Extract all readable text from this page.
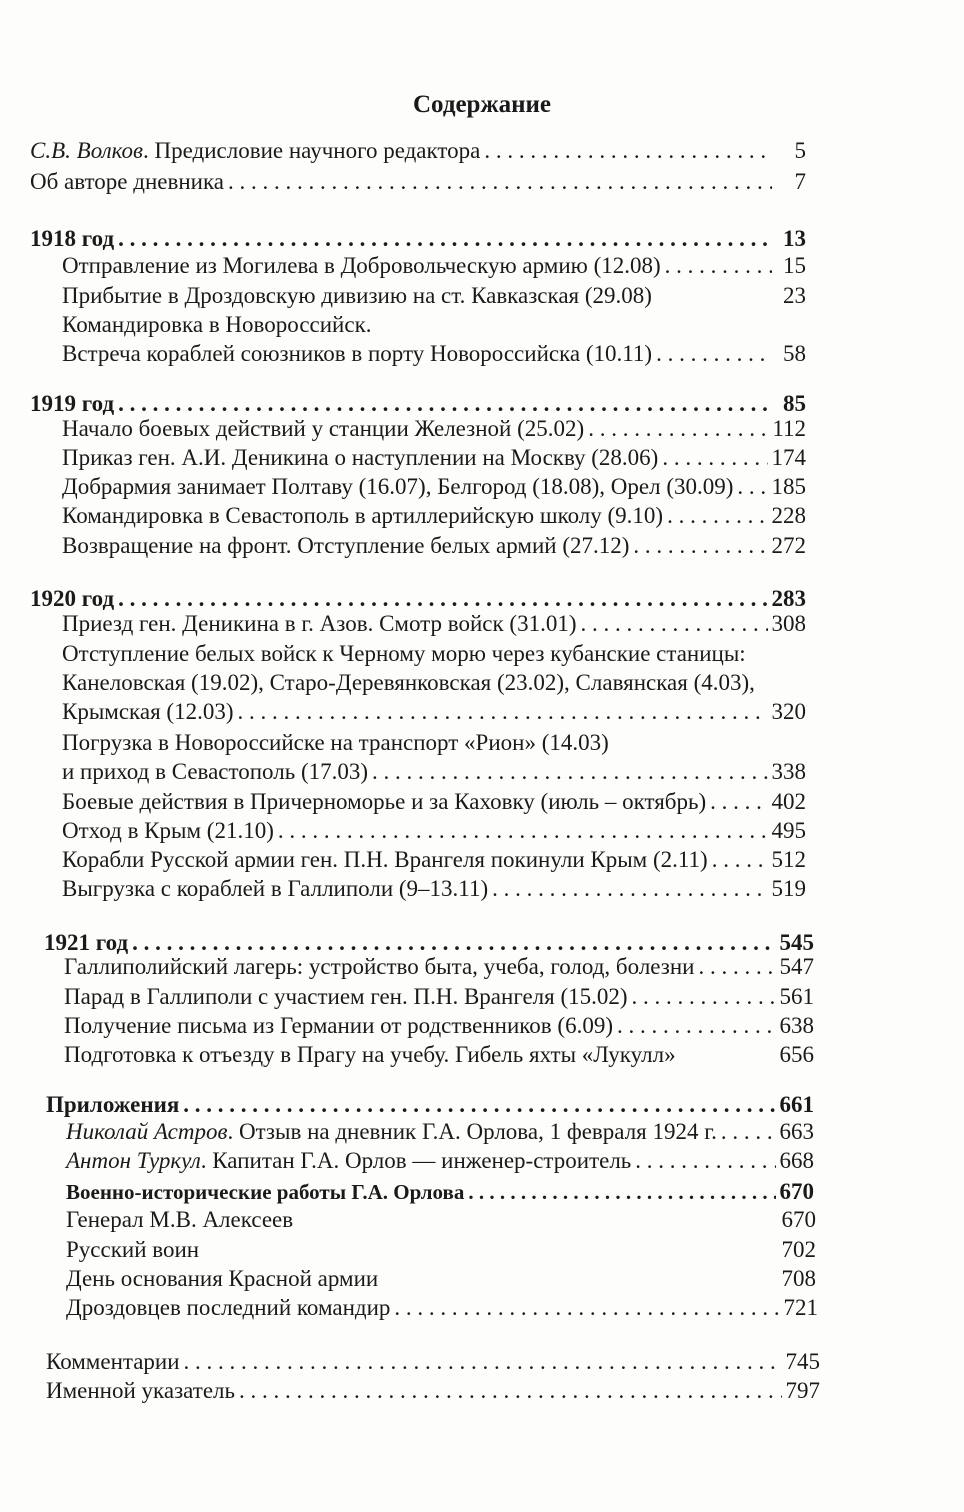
Содержание
С.В. Волков. Предисловие научного редактора . . .	5
Об авторе дневника . . .	7
1918 год . . .	13
Отправление из Могилева в Добровольческую армию (12.08) . . .	15
Прибытие в Дроздовскую дивизию на ст. Кавказская (29.08)	23
Командировка в Новороссийск.
Встреча кораблей союзников в порту Новороссийска (10.11) . . .	58
1919 год . . .	85
Начало боевых действий у станции Железной (25.02) . . .	112
Приказ ген. А.И. Деникина о наступлении на Москву (28.06) . . .	174
Добрармия занимает Полтаву (16.07), Белгород (18.08), Орел (30.09) . . . 185
Командировка в Севастополь в артиллерийскую школу (9.10) . . .	228
Возвращение на фронт. Отступление белых армий (27.12) . . .	272
1920 год . . .	283
Приезд ген. Деникина в г. Азов. Смотр войск (31.01) . . .	308
Отступление белых войск к Черному морю через кубанские станицы:
Канеловская (19.02), Старо-Деревянковская (23.02), Славянская (4.03),
Крымская (12.03) . . .	320
Погрузка в Новороссийске на транспорт «Рион» (14.03)
и приход в Севастополь (17.03) . . .	338
Боевые действия в Причерноморье и за Каховку (июль – октябрь) . . .	402
Отход в Крым (21.10) . . .	495
Корабли Русской армии ген. П.Н. Врангеля покинули Крым (2.11) . . .	512
Выгрузка с кораблей в Галлиполи (9–13.11) . . .	519
1921 год . . .	545
Галлиполийский лагерь: устройство быта, учеба, голод, болезни . . .	547
Парад в Галлиполи с участием ген. П.Н. Врангеля (15.02) . . .	561
Получение письма из Германии от родственников (6.09) . . .	638
Подготовка к отъезду в Прагу на учебу. Гибель яхты «Лукулл»	656
Приложения . . .	661
Николай Астров. Отзыв на дневник Г.А. Орлова, 1 февраля 1924 г. . . .	663
Антон Туркул. Капитан Г.А. Орлов — инженер-строитель . . .	668
Военно-исторические работы Г.А. Орлова . . .	670
Генерал М.В. Алексеев	670
Русский воин	702
День основания Красной армии	708
Дроздовцев последний командир . . .	721
Комментарии . . .	745
Именной указатель . . .	797
